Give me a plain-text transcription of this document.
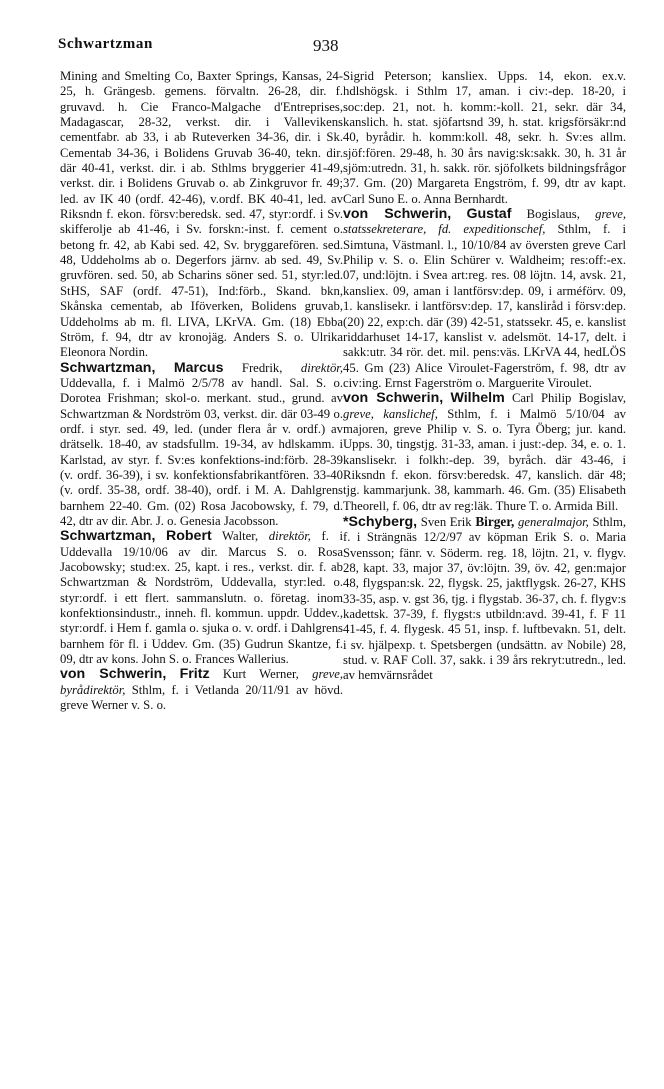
Schwartzman	938

Mining and Smelting Co, Baxter Springs, Kansas, 24-25, h. Grängesb. gemens. förvaltn. 26-28, dir. f. gruvavd. h. Cie Franco-Malgache d'Entreprises, Madagascar, 28-32, verkst. dir. i Vallevikens cementfabr. ab 33, i ab Ruteverken 34-36, dir. i Sk. Cementab 34-36, i Bolidens Gruvab 36-40, tekn. dir. där 40-41, verkst. dir. i ab. Sthlms bryggerier 41-49, verkst. dir. i Bolidens Gruvab o. ab Zinkgruvor fr. 49; led. av IK 40 (ordf. 42-46), v.ordf. BK 40-41, led. av Riksndn f. ekon. försv:beredsk. sed. 47, styr:ordf. i Sv. skifferolje ab 41-46, i Sv. forskn:-inst. f. cement o. betong fr. 42, ab Kabi sed. 42, Sv. bryggarefören. sed. 48, Uddeholms ab o. Degerfors järnv. ab sed. 49, Sv. gruvfören. sed. 50, ab Scharins söner sed. 51, styr:led. StHS, SAF (ordf. 47-51), Ind:förb., Skand. bkn, Skånska cementab, ab Iföverken, Bolidens gruvab, Uddeholms ab m. fl. LIVA, LKrVA. Gm. (18) Ebba Ström, f. 94, dtr av kronojäg. Anders S. o. Ulrika Eleonora Nordin.

Schwartzman, Marcus Fredrik, direktör, Uddevalla, f. i Malmö 2/5/78 av handl. Sal. S. o. Dorotea Frishman; skol-o. merkant. stud., grund. av Schwartzman & Nordström 03, verkst. dir. där 03-49 o. ordf. i styr. sed. 49, led. (under flera år v. ordf.) av drätselk. 18-40, av stadsfullm. 19-34, av hdlskamm. i Karlstad, av styr. f. Sv:es konfektions-ind:förb. 28-39 (v. ordf. 36-39), i sv. konfektionsfabrikantfören. 33-40 (v. ordf. 35-38, ordf. 38-40), ordf. i M. A. Dahlgrens barnhem 22-40. Gm. (02) Rosa Jacobowsky, f. 79, d. 42, dtr av dir. Abr. J. o. Genesia Jacobsson.

Schwartzman, Robert Walter, direktör, f. i Uddevalla 19/10/06 av dir. Marcus S. o. Rosa Jacobowsky; stud:ex. 25, kapt. i res., verkst. dir. f. ab Schwartzman & Nordström, Uddevalla, styr:led. o. styr:ordf. i ett flert. sammanslutn. o. företag. inom konfektionsindustr., inneh. fl. kommun. uppdr. Uddev., styr:ordf. i Hem f. gamla o. sjuka o. v. ordf. i Dahlgrens barnhem för fl. i Uddev. Gm. (35) Gudrun Skantze, f. 09, dtr av kons. John S. o. Frances Wallerius.

von Schwerin, Fritz Kurt Werner, greve, byrådirektör, Sthlm, f. i Vetlanda 20/11/91 av hövd. greve Werner v. S. o.

Sigrid Peterson; kansliex. Upps. 14, ekon. ex.v. hdlshögsk. i Sthlm 17, aman. i civ:-dep. 18-20, i soc:dep. 21, not. h. komm:-koll. 21, sekr. där 34, kanslich. h. stat. sjöfartsnd 39, h. stat. krigsförsäkr:nd 40, byrådir. h. komm:koll. 48, sekr. h. Sv:es allm. sjöf:fören. 29-48, h. 30 års navig:sk:sakk. 30, h. 31 år sjöm:utredn. 31, h. sakk. rör. sjöfolkets bildningsfrågor 37. Gm. (20) Margareta Engström, f. 99, dtr av kapt. Carl Suno E. o. Anna Bernhardt.

von Schwerin, Gustaf Bogislaus, greve, statssekreterare, fd. expeditionschef, Sthlm, f. i Simtuna, Västmanl. l., 10/10/84 av översten greve Carl Philip v. S. o. Elin Schürer v. Waldheim; res:off:-ex. 07, und:löjtn. i Svea art:reg. res. 08 löjtn. 14, avsk. 21, kansliex. 09, aman i lantförsv:dep. 09, i arméförv. 09, 1. kanslisekr. i lantförsv:dep. 17, kansliråd i försv:dep. (20) 22, exp:ch. där (39) 42-51, statssekr. 45, e. kanslist riddarhuset 14-17, kanslist v. adelsmöt. 14-17, delt. i sakk:utr. 34 rör. det. mil. pens:väs. LKrVA 44, hedLÖS 45. Gm (23) Alice Viroulet-Fagerström, f. 98, dtr av civ:ing. Ernst Fagerström o. Marguerite Viroulet.

von Schwerin, Wilhelm Carl Philip Bogislav, greve, kanslichef, Sthlm, f. i Malmö 5/10/04 av majoren, greve Philip v. S. o. Tyra Öberg; jur. kand. Upps. 30, tingstjg. 31-33, aman. i just:-dep. 34, e. o. 1. kanslisekr. i folkh:-dep. 39, byråch. där 43-46, i Riksndn f. ekon. försv:beredsk. 47, kanslich. där 48; tjg. kammarjunk. 38, kammarh. 46. Gm. (35) Elisabeth Theorell, f. 06, dtr av reg:läk. Thure T. o. Armida Bill.

*Schyberg, Sven Erik Birger, generalmajor, Sthlm, f. i Strängnäs 12/2/97 av köpman Erik S. o. Maria Svensson; fänr. v. Söderm. reg. 18, löjtn. 21, v. flygv. 28, kapt. 33, major 37, öv:löjtn. 39, öv. 42, gen:major 48, flygspan:sk. 22, flygsk. 25, jaktflygsk. 26-27, KHS 33-35, asp. v. gst 36, tjg. i flygstab. 36-37, ch. f. flygv:s kadettsk. 37-39, f. flygst:s utbildn:avd. 39-41, f. F 11 41-45, f. 4. flygesk. 45 51, insp. f. luftbevakn. 51, delt. i sv. hjälpexp. t. Spetsbergen (undsättn. av Nobile) 28, stud. v. RAF Coll. 37, sakk. i 39 års rekryt:utredn., led. av hemvärnsrådet
